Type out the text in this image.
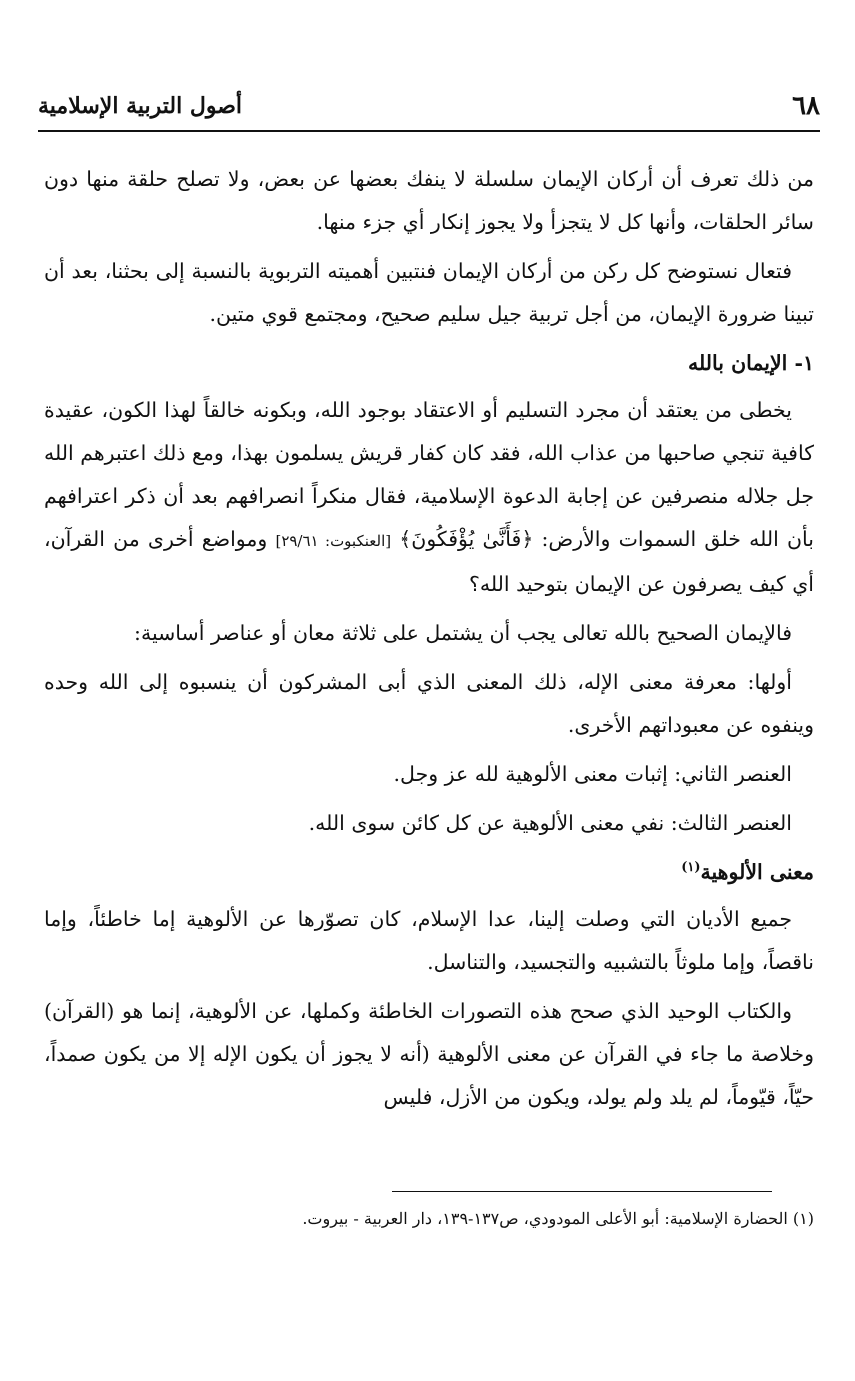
٦٨
أصول التربية الإسلامية

من ذلك تعرف أن أركان الإيمان سلسلة لا ينفك بعضها عن بعض، ولا تصلح حلقة منها دون سائر الحلقات، وأنها كل لا يتجزأ ولا يجوز إنكار أي جزء منها.

فتعال نستوضح كل ركن من أركان الإيمان فنتبين أهميته التربوية بالنسبة إلى بحثنا، بعد أن تبينا ضرورة الإيمان، من أجل تربية جيل سليم صحيح، ومجتمع قوي متين.

١- الإيمان بالله

يخطى من يعتقد أن مجرد التسليم أو الاعتقاد بوجود الله، وبكونه خالقاً لهذا الكون، عقيدة كافية تنجي صاحبها من عذاب الله، فقد كان كفار قريش يسلمون بهذا، ومع ذلك اعتبرهم الله جل جلاله منصرفين عن إجابة الدعوة الإسلامية، فقال منكراً انصرافهم بعد أن ذكر اعترافهم بأن الله خلق السموات والأرض: ﴿فَأَنَّىٰ يُؤْفَكُونَ﴾ [العنكبوت: ٢٩/٦١] ومواضع أخرى من القرآن، أي كيف يصرفون عن الإيمان بتوحيد الله؟

فالإيمان الصحيح بالله تعالى يجب أن يشتمل على ثلاثة معان أو عناصر أساسية:

أولها: معرفة معنى الإله، ذلك المعنى الذي أبى المشركون أن ينسبوه إلى الله وحده وينفوه عن معبوداتهم الأخرى.

العنصر الثاني: إثبات معنى الألوهية لله عز وجل.

العنصر الثالث: نفي معنى الألوهية عن كل كائن سوى الله.

معنى الألوهية$^{(١)}$

جميع الأديان التي وصلت إلينا، عدا الإسلام، كان تصوّرها عن الألوهية إما خاطئاً، وإما ناقصاً، وإما ملوثاً بالتشبيه والتجسيد، والتناسل.

والكتاب الوحيد الذي صحح هذه التصورات الخاطئة وكملها، عن الألوهية، إنما هو (القرآن) وخلاصة ما جاء في القرآن عن معنى الألوهية (أنه لا يجوز أن يكون الإله إلا من يكون صمداً، حيّاً، قيّوماً، لم يلد ولم يولد، ويكون من الأزل، فليس

(١) الحضارة الإسلامية: أبو الأعلى المودودي، ص١٣٧-١٣٩، دار العربية - بيروت.
